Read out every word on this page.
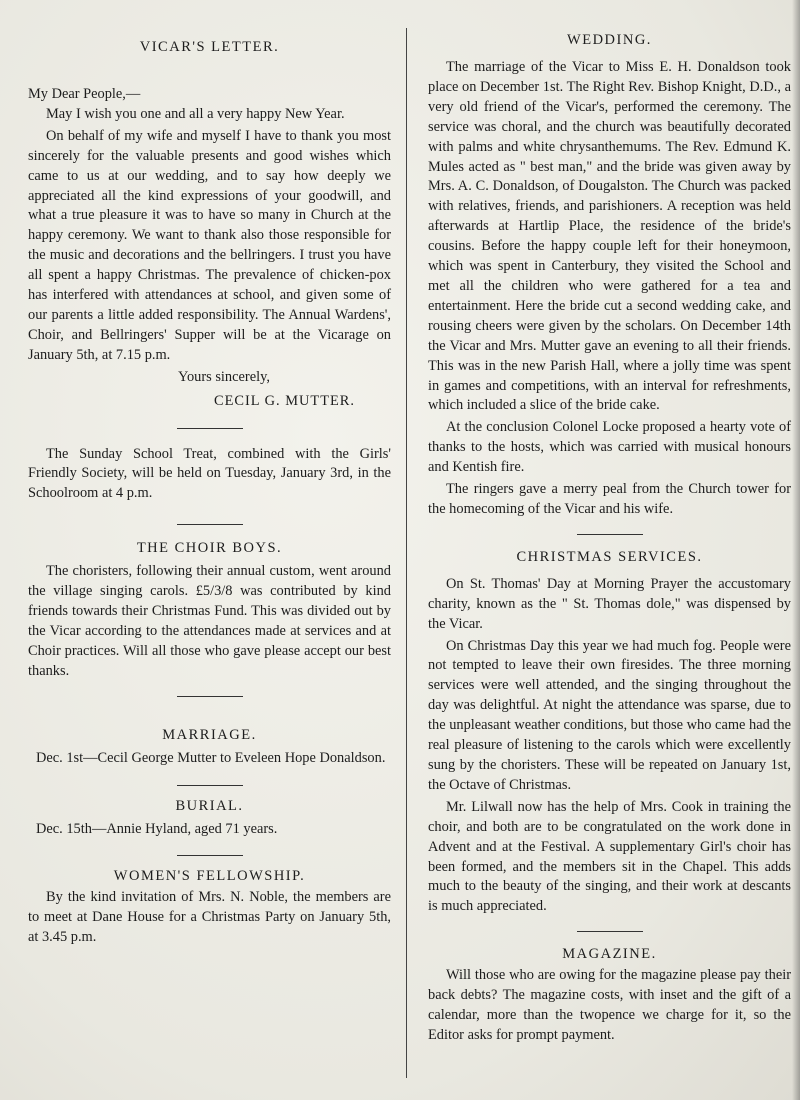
VICAR'S LETTER.

My Dear People,—

May I wish you one and all a very happy New Year.

On behalf of my wife and myself I have to thank you most sincerely for the valuable presents and good wishes which came to us at our wedding, and to say how deeply we appreciated all the kind expressions of your goodwill, and what a true pleasure it was to have so many in Church at the happy ceremony. We want to thank also those responsible for the music and decorations and the bellringers. I trust you have all spent a happy Christmas. The prevalence of chicken-pox has interfered with attendances at school, and given some of our parents a little added responsibility. The Annual Wardens', Choir, and Bellringers' Supper will be at the Vicarage on January 5th, at 7.15 p.m.

Yours sincerely,

CECIL G. MUTTER.

The Sunday School Treat, combined with the Girls' Friendly Society, will be held on Tuesday, January 3rd, in the Schoolroom at 4 p.m.

THE CHOIR BOYS.

The choristers, following their annual custom, went around the village singing carols. £5/3/8 was contributed by kind friends towards their Christmas Fund. This was divided out by the Vicar according to the attendances made at services and at Choir practices. Will all those who gave please accept our best thanks.

MARRIAGE.

Dec. 1st—Cecil George Mutter to Eveleen Hope Donaldson.

BURIAL.

Dec. 15th—Annie Hyland, aged 71 years.

WOMEN'S FELLOWSHIP.

By the kind invitation of Mrs. N. Noble, the members are to meet at Dane House for a Christmas Party on January 5th, at 3.45 p.m.

WEDDING.

The marriage of the Vicar to Miss E. H. Donaldson took place on December 1st. The Right Rev. Bishop Knight, D.D., a very old friend of the Vicar's, performed the ceremony. The service was choral, and the church was beautifully decorated with palms and white chrysanthemums. The Rev. Edmund K. Mules acted as " best man," and the bride was given away by Mrs. A. C. Donaldson, of Dougalston. The Church was packed with relatives, friends, and parishioners. A reception was held afterwards at Hartlip Place, the residence of the bride's cousins. Before the happy couple left for their honeymoon, which was spent in Canterbury, they visited the School and met all the children who were gathered for a tea and entertainment. Here the bride cut a second wedding cake, and rousing cheers were given by the scholars. On December 14th the Vicar and Mrs. Mutter gave an evening to all their friends. This was in the new Parish Hall, where a jolly time was spent in games and competitions, with an interval for refreshments, which included a slice of the bride cake.

At the conclusion Colonel Locke proposed a hearty vote of thanks to the hosts, which was carried with musical honours and Kentish fire.

The ringers gave a merry peal from the Church tower for the homecoming of the Vicar and his wife.

CHRISTMAS SERVICES.

On St. Thomas' Day at Morning Prayer the accustomary charity, known as the " St. Thomas dole," was dispensed by the Vicar.

On Christmas Day this year we had much fog. People were not tempted to leave their own firesides. The three morning services were well attended, and the singing throughout the day was delightful. At night the attendance was sparse, due to the unpleasant weather conditions, but those who came had the real pleasure of listening to the carols which were excellently sung by the choristers. These will be repeated on January 1st, the Octave of Christmas.

Mr. Lilwall now has the help of Mrs. Cook in training the choir, and both are to be congratulated on the work done in Advent and at the Festival. A supplementary Girl's choir has been formed, and the members sit in the Chapel. This adds much to the beauty of the singing, and their work at descants is much appreciated.

MAGAZINE.

Will those who are owing for the magazine please pay their back debts? The magazine costs, with inset and the gift of a calendar, more than the twopence we charge for it, so the Editor asks for prompt payment.
